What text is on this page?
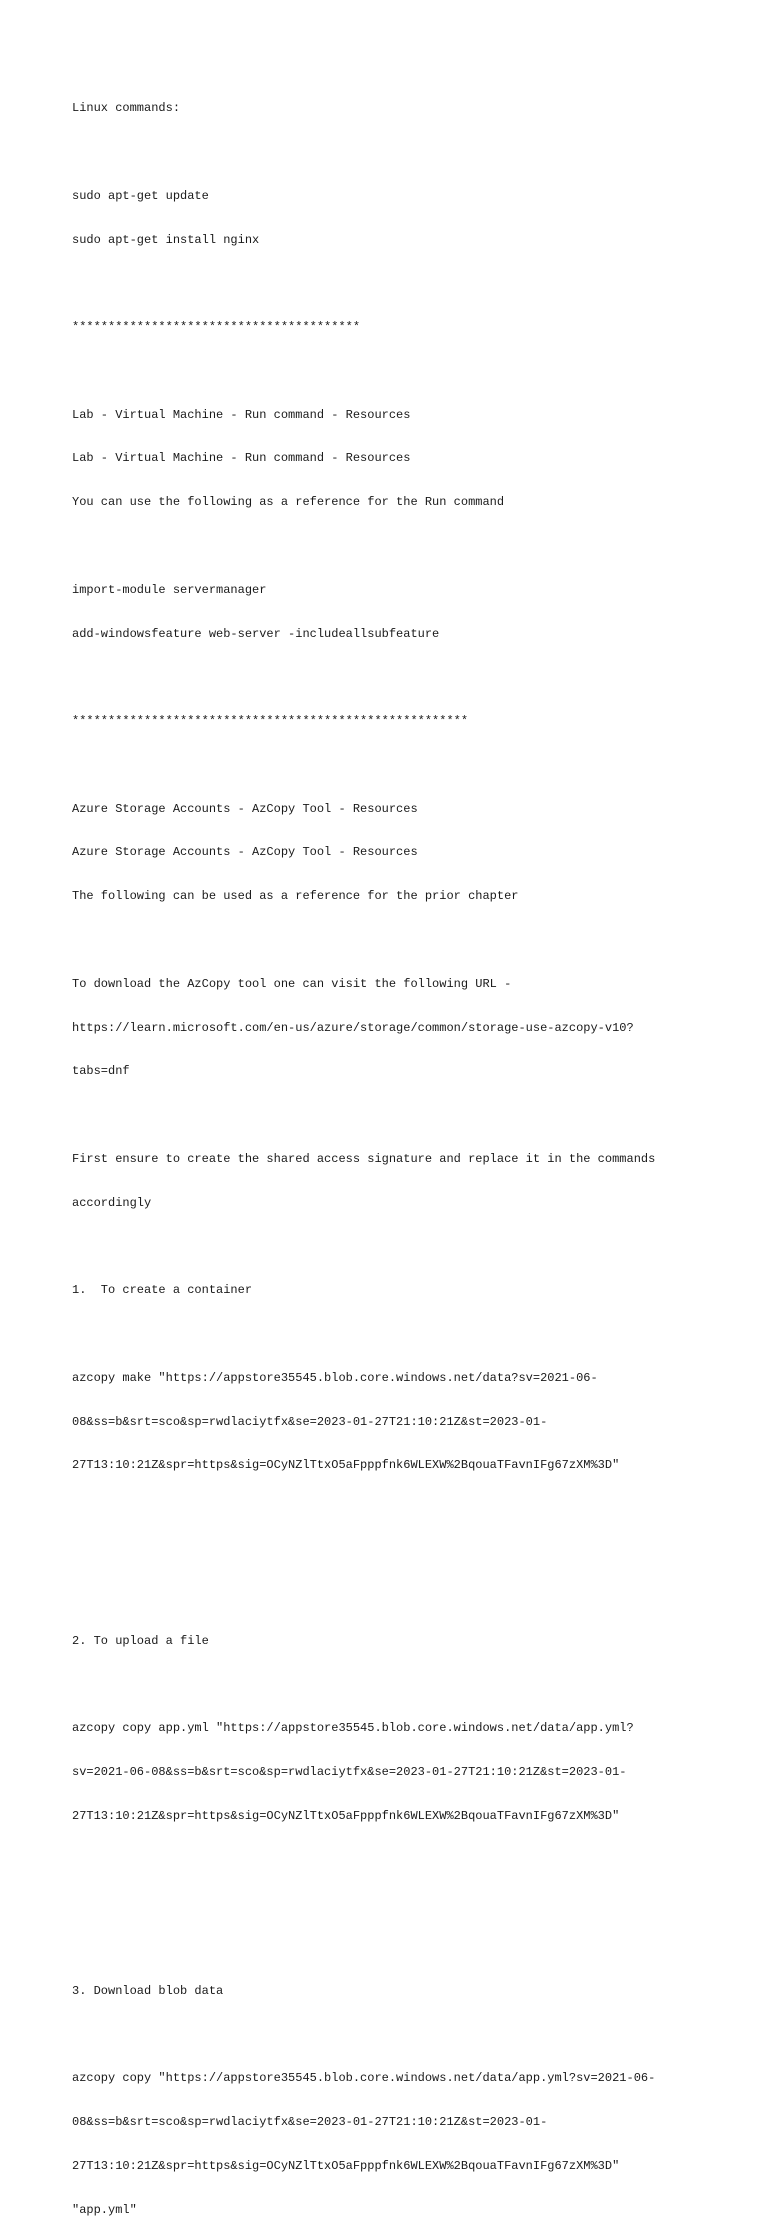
Linux commands:

sudo apt-get update

sudo apt-get install nginx

****************************************

Lab - Virtual Machine - Run command - Resources

Lab - Virtual Machine - Run command - Resources

You can use the following as a reference for the Run command

import-module servermanager

add-windowsfeature web-server -includeallsubfeature

*******************************************************

Azure Storage Accounts - AzCopy Tool - Resources

Azure Storage Accounts - AzCopy Tool - Resources

The following can be used as a reference for the prior chapter

To download the AzCopy tool one can visit the following URL -

https://learn.microsoft.com/en-us/azure/storage/common/storage-use-azcopy-v10?

tabs=dnf

First ensure to create the shared access signature and replace it in the commands

accordingly

1.  To create a container

azcopy make "https://appstore35545.blob.core.windows.net/data?sv=2021-06-

08&ss=b&srt=sco&sp=rwdlaciytfx&se=2023-01-27T21:10:21Z&st=2023-01-

27T13:10:21Z&spr=https&sig=OCyNZlTtxO5aFpppfnk6WLEXW%2BqouaTFavnIFg67zXM%3D"

2. To upload a file

azcopy copy app.yml "https://appstore35545.blob.core.windows.net/data/app.yml?

sv=2021-06-08&ss=b&srt=sco&sp=rwdlaciytfx&se=2023-01-27T21:10:21Z&st=2023-01-

27T13:10:21Z&spr=https&sig=OCyNZlTtxO5aFpppfnk6WLEXW%2BqouaTFavnIFg67zXM%3D"

3. Download blob data

azcopy copy "https://appstore35545.blob.core.windows.net/data/app.yml?sv=2021-06-

08&ss=b&srt=sco&sp=rwdlaciytfx&se=2023-01-27T21:10:21Z&st=2023-01-

27T13:10:21Z&spr=https&sig=OCyNZlTtxO5aFpppfnk6WLEXW%2BqouaTFavnIFg67zXM%3D"

"app.yml"
